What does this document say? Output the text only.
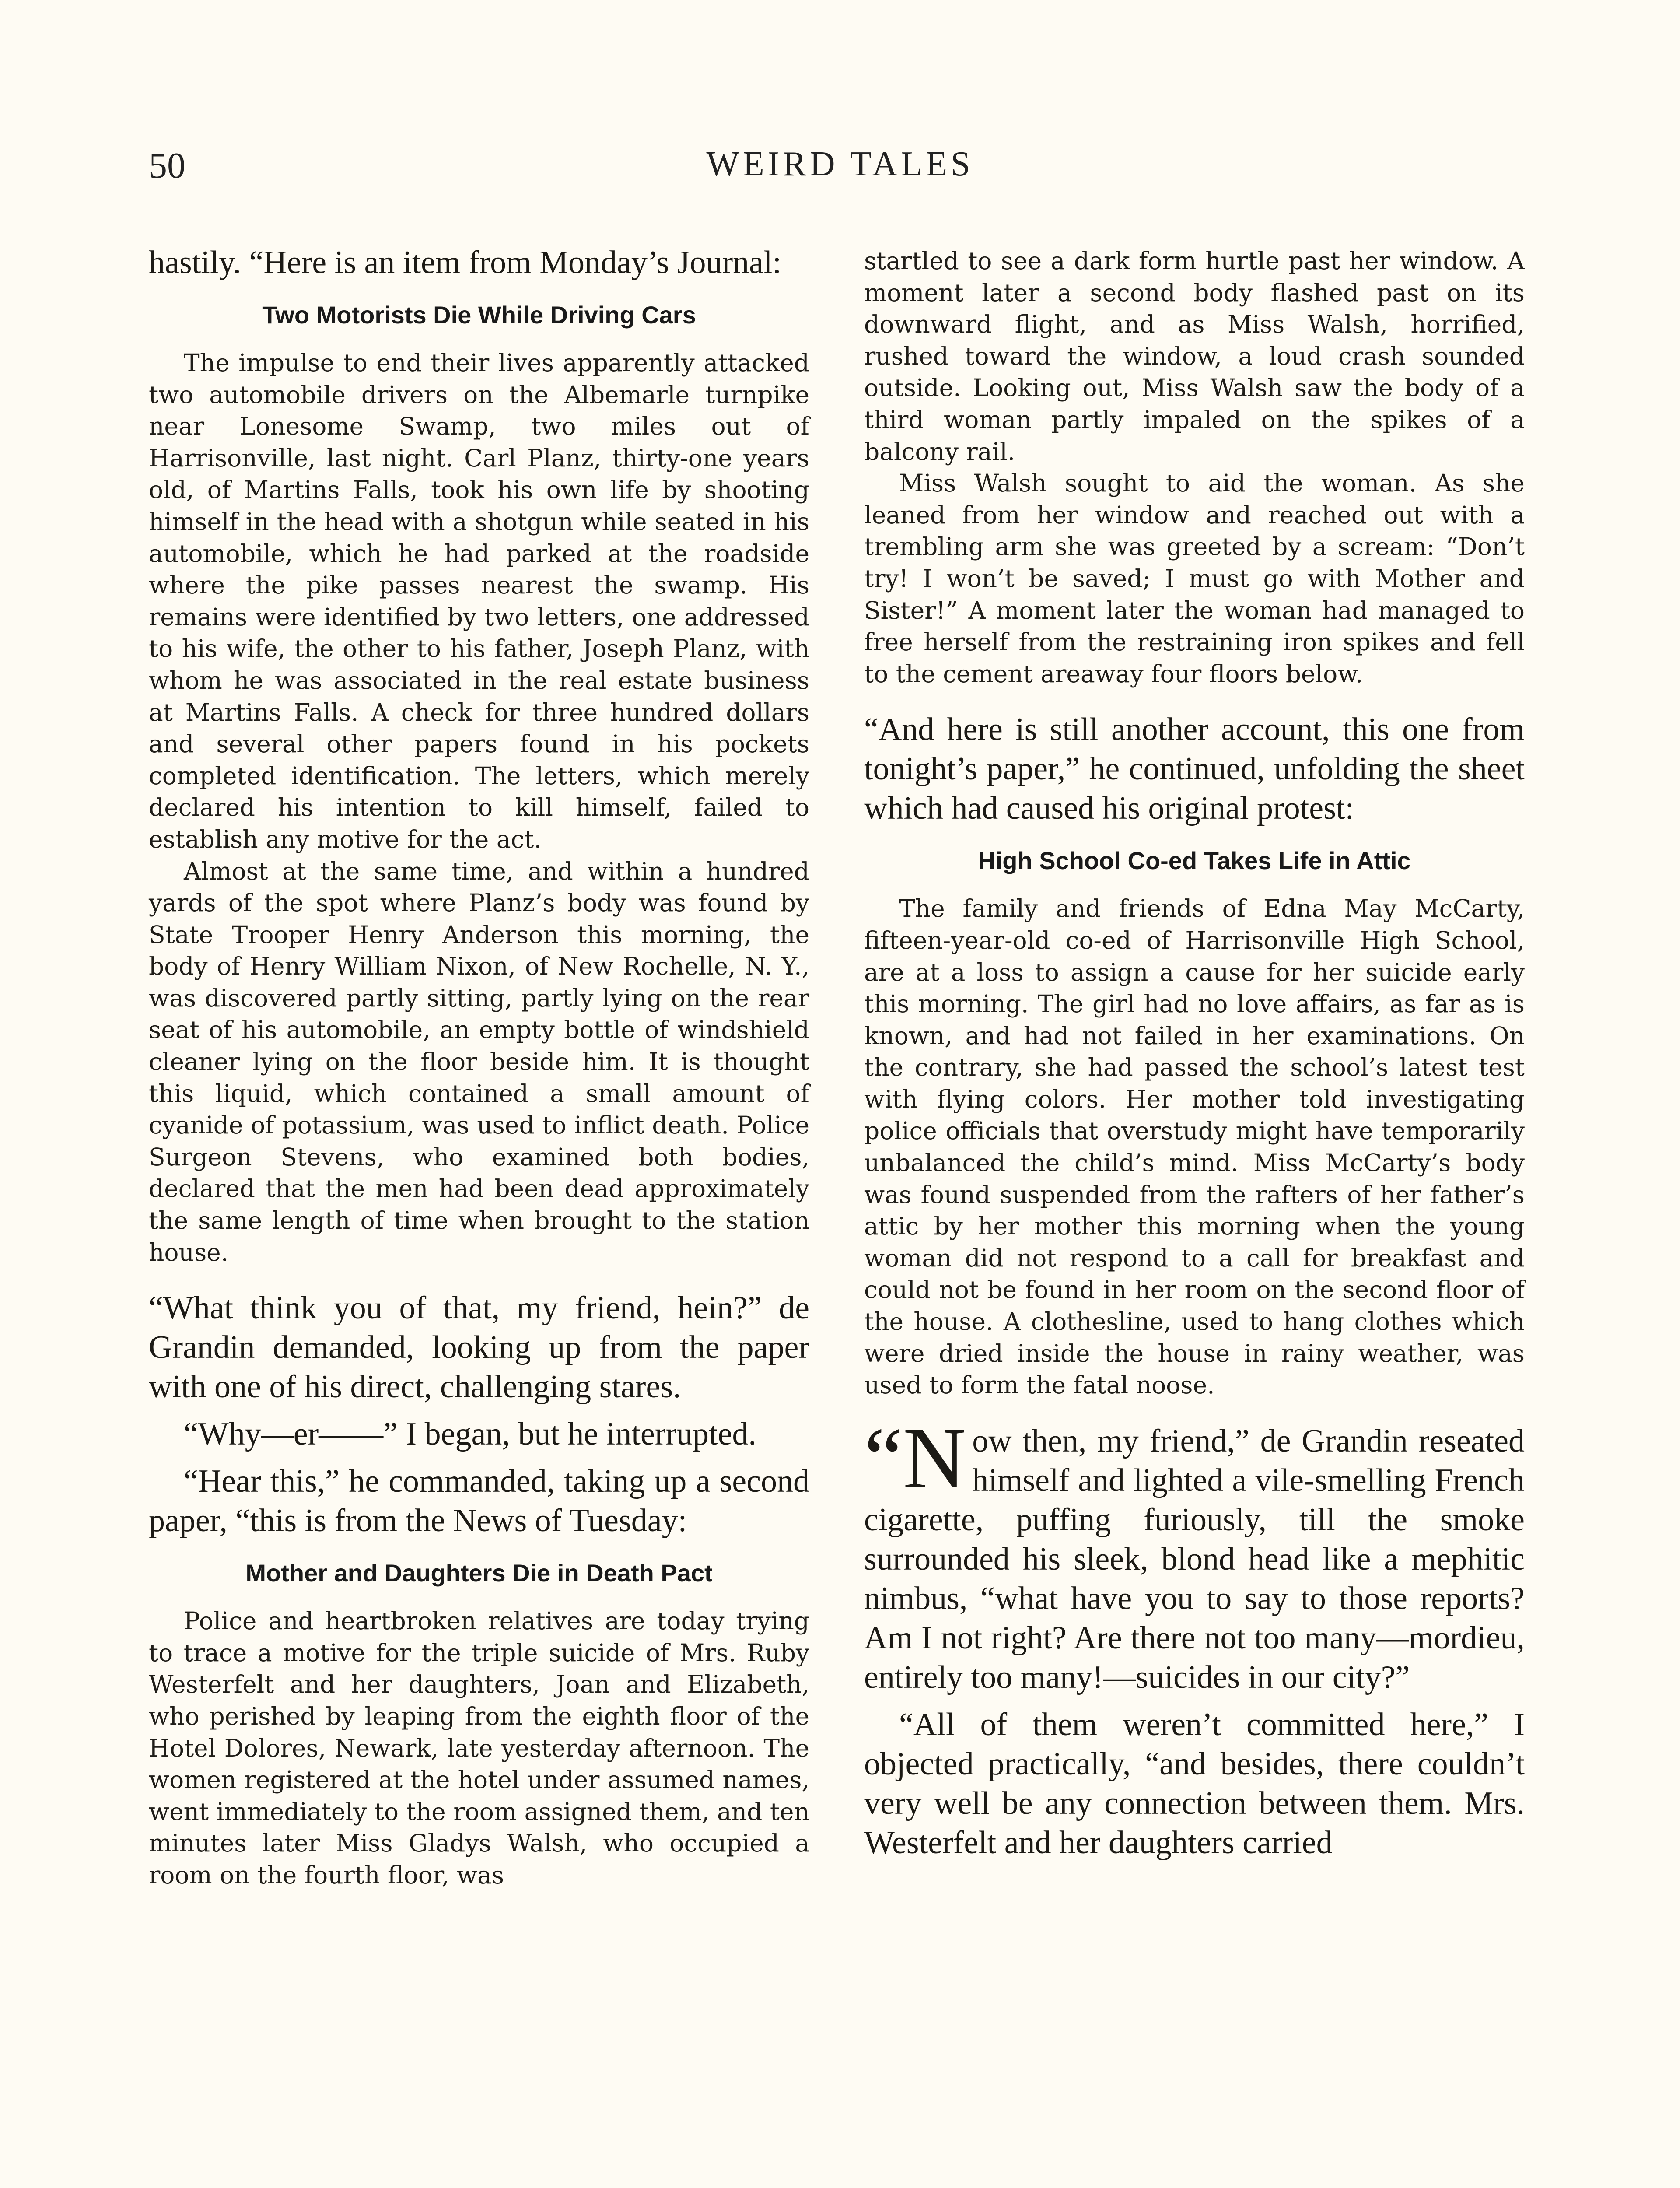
50	WEIRD TALES

hastily. “Here is an item from Monday’s Journal:

Two Motorists Die While Driving Cars

The impulse to end their lives apparently attacked two automobile drivers on the Albemarle turnpike near Lonesome Swamp, two miles out of Harrisonville, last night. Carl Planz, thirty-one years old, of Martins Falls, took his own life by shooting himself in the head with a shotgun while seated in his automobile, which he had parked at the roadside where the pike passes nearest the swamp. His remains were identified by two letters, one addressed to his wife, the other to his father, Joseph Planz, with whom he was associated in the real estate business at Martins Falls. A check for three hundred dollars and several other papers found in his pockets completed identification. The letters, which merely declared his intention to kill himself, failed to establish any motive for the act.

Almost at the same time, and within a hundred yards of the spot where Planz’s body was found by State Trooper Henry Anderson this morning, the body of Henry William Nixon, of New Rochelle, N. Y., was discovered partly sitting, partly lying on the rear seat of his automobile, an empty bottle of windshield cleaner lying on the floor beside him. It is thought this liquid, which contained a small amount of cyanide of potassium, was used to inflict death. Police Surgeon Stevens, who examined both bodies, declared that the men had been dead approximately the same length of time when brought to the station house.

“What think you of that, my friend, hein?” de Grandin demanded, looking up from the paper with one of his direct, challenging stares.

“Why—er——” I began, but he interrupted.

“Hear this,” he commanded, taking up a second paper, “this is from the News of Tuesday:

Mother and Daughters Die in Death Pact

Police and heartbroken relatives are today trying to trace a motive for the triple suicide of Mrs. Ruby Westerfelt and her daughters, Joan and Elizabeth, who perished by leaping from the eighth floor of the Hotel Dolores, Newark, late yesterday afternoon. The women registered at the hotel under assumed names, went immediately to the room assigned them, and ten minutes later Miss Gladys Walsh, who occupied a room on the fourth floor, was

startled to see a dark form hurtle past her window. A moment later a second body flashed past on its downward flight, and as Miss Walsh, horrified, rushed toward the window, a loud crash sounded outside. Looking out, Miss Walsh saw the body of a third woman partly impaled on the spikes of a balcony rail.

Miss Walsh sought to aid the woman. As she leaned from her window and reached out with a trembling arm she was greeted by a scream: “Don’t try! I won’t be saved; I must go with Mother and Sister!” A moment later the woman had managed to free herself from the restraining iron spikes and fell to the cement areaway four floors below.

“And here is still another account, this one from tonight’s paper,” he continued, unfolding the sheet which had caused his original protest:

High School Co-ed Takes Life in Attic

The family and friends of Edna May McCarty, fifteen-year-old co-ed of Harrisonville High School, are at a loss to assign a cause for her suicide early this morning. The girl had no love affairs, as far as is known, and had not failed in her examinations. On the contrary, she had passed the school’s latest test with flying colors. Her mother told investigating police officials that overstudy might have temporarily unbalanced the child’s mind. Miss McCarty’s body was found suspended from the rafters of her father’s attic by her mother this morning when the young woman did not respond to a call for breakfast and could not be found in her room on the second floor of the house. A clothesline, used to hang clothes which were dried inside the house in rainy weather, was used to form the fatal noose.

“Now then, my friend,” de Grandin reseated himself and lighted a vile-smelling French cigarette, puffing furiously, till the smoke surrounded his sleek, blond head like a mephitic nimbus, “what have you to say to those reports? Am I not right? Are there not too many—mordieu, entirely too many!—suicides in our city?”

“All of them weren’t committed here,” I objected practically, “and besides, there couldn’t very well be any connection between them. Mrs. Westerfelt and her daughters carried
